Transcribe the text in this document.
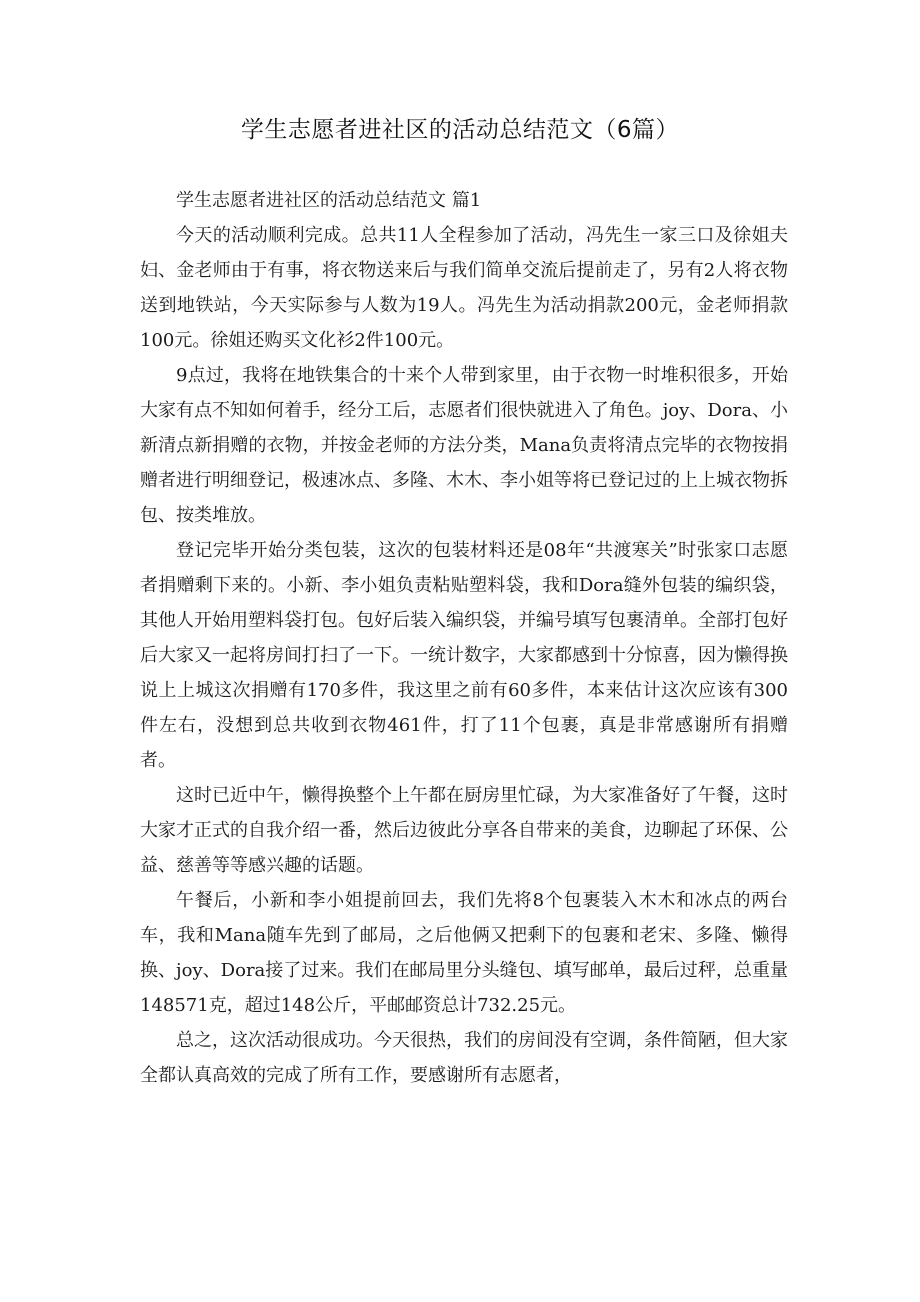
学生志愿者进社区的活动总结范文（6篇）

学生志愿者进社区的活动总结范文 篇1

今天的活动顺利完成。总共11人全程参加了活动，冯先生一家三口及徐姐夫妇、金老师由于有事，将衣物送来后与我们简单交流后提前走了，另有2人将衣物送到地铁站，今天实际参与人数为19人。冯先生为活动捐款200元，金老师捐款100元。徐姐还购买文化衫2件100元。

9点过，我将在地铁集合的十来个人带到家里，由于衣物一时堆积很多，开始大家有点不知如何着手，经分工后，志愿者们很快就进入了角色。joy、Dora、小新清点新捐赠的衣物，并按金老师的方法分类，Mana负责将清点完毕的衣物按捐赠者进行明细登记，极速冰点、多隆、木木、李小姐等将已登记过的上上城衣物拆包、按类堆放。

登记完毕开始分类包装，这次的包装材料还是08年“共渡寒关”时张家口志愿者捐赠剩下来的。小新、李小姐负责粘贴塑料袋，我和Dora缝外包装的编织袋，其他人开始用塑料袋打包。包好后装入编织袋，并编号填写包裹清单。全部打包好后大家又一起将房间打扫了一下。一统计数字，大家都感到十分惊喜，因为懒得换说上上城这次捐赠有170多件，我这里之前有60多件，本来估计这次应该有300件左右，没想到总共收到衣物461件，打了11个包裹，真是非常感谢所有捐赠者。

这时已近中午，懒得换整个上午都在厨房里忙碌，为大家准备好了午餐，这时大家才正式的自我介绍一番，然后边彼此分享各自带来的美食，边聊起了环保、公益、慈善等等感兴趣的话题。

午餐后，小新和李小姐提前回去，我们先将8个包裹装入木木和冰点的两台车，我和Mana随车先到了邮局，之后他俩又把剩下的包裹和老宋、多隆、懒得换、joy、Dora接了过来。我们在邮局里分头缝包、填写邮单，最后过秤，总重量148571克，超过148公斤，平邮邮资总计732.25元。

总之，这次活动很成功。今天很热，我们的房间没有空调，条件简陋，但大家全都认真高效的完成了所有工作，要感谢所有志愿者，
